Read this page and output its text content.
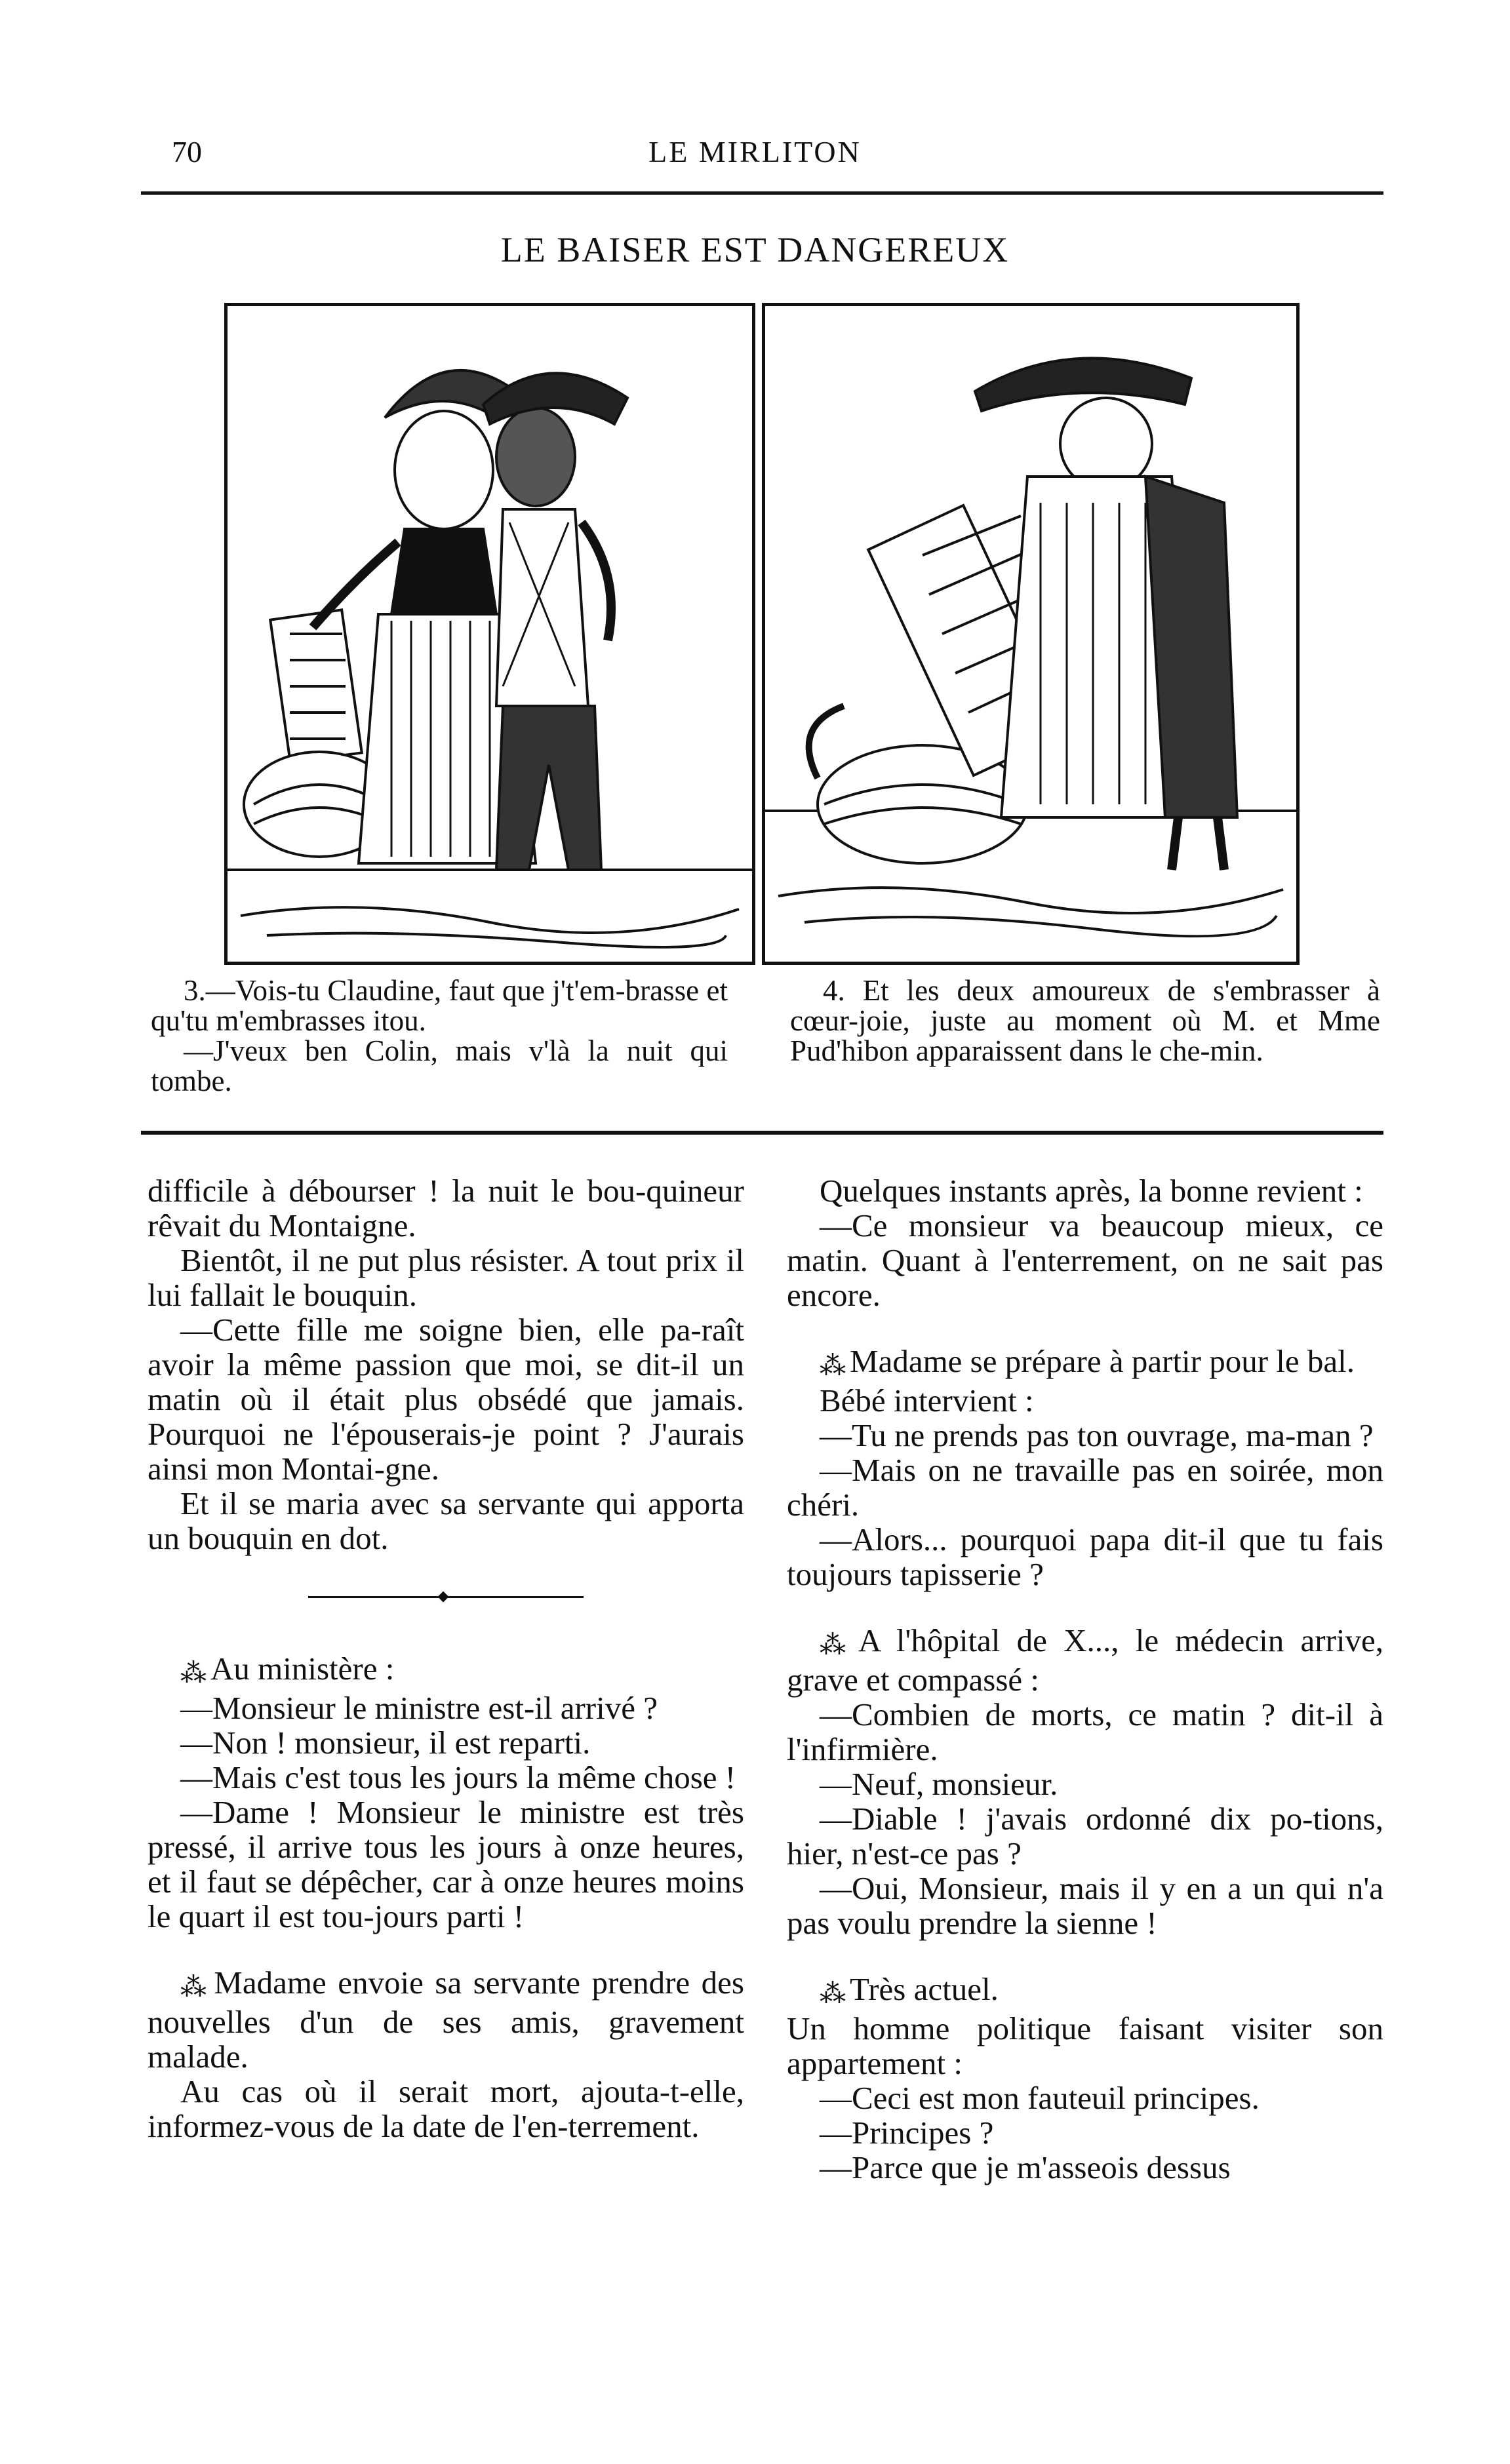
70	LE MIRLITON
LE BAISER EST DANGEREUX

3.—Vois-tu Claudine, faut que j't'em-brasse et qu'tu m'embrasses itou.

—J'veux ben Colin, mais v'là la nuit qui tombe.

4. Et les deux amoureux de s'embrasser à cœur-joie, juste au moment où M. et Mme Pud'hibon apparaissent dans le che-min.

difficile à débourser ! la nuit le bou-quineur rêvait du Montaigne.

Bientôt, il ne put plus résister. A tout prix il lui fallait le bouquin.

—Cette fille me soigne bien, elle pa-raît avoir la même passion que moi, se dit-il un matin où il était plus obsédé que jamais. Pourquoi ne l'épouserais-je point ? J'aurais ainsi mon Montai-gne.

Et il se maria avec sa servante qui apporta un bouquin en dot.

⁂ Au ministère :

—Monsieur le ministre est-il arrivé ?

—Non ! monsieur, il est reparti.

—Mais c'est tous les jours la même chose !

—Dame ! Monsieur le ministre est très pressé, il arrive tous les jours à onze heures, et il faut se dépêcher, car à onze heures moins le quart il est tou-jours parti !

⁂ Madame envoie sa servante prendre des nouvelles d'un de ses amis, gravement malade.

Au cas où il serait mort, ajouta-t-elle, informez-vous de la date de l'en-terrement.

Quelques instants après, la bonne revient :

—Ce monsieur va beaucoup mieux, ce matin. Quant à l'enterrement, on ne sait pas encore.

⁂ Madame se prépare à partir pour le bal.

Bébé intervient :

—Tu ne prends pas ton ouvrage, ma-man ?

—Mais on ne travaille pas en soirée, mon chéri.

—Alors... pourquoi papa dit-il que tu fais toujours tapisserie ?

⁂ A l'hôpital de X..., le médecin arrive, grave et compassé :

—Combien de morts, ce matin ? dit-il à l'infirmière.

—Neuf, monsieur.

—Diable ! j'avais ordonné dix po-tions, hier, n'est-ce pas ?

—Oui, Monsieur, mais il y en a un qui n'a pas voulu prendre la sienne !

⁂ Très actuel.

Un homme politique faisant visiter son appartement :

—Ceci est mon fauteuil principes.

—Principes ?

—Parce que je m'asseois dessus
